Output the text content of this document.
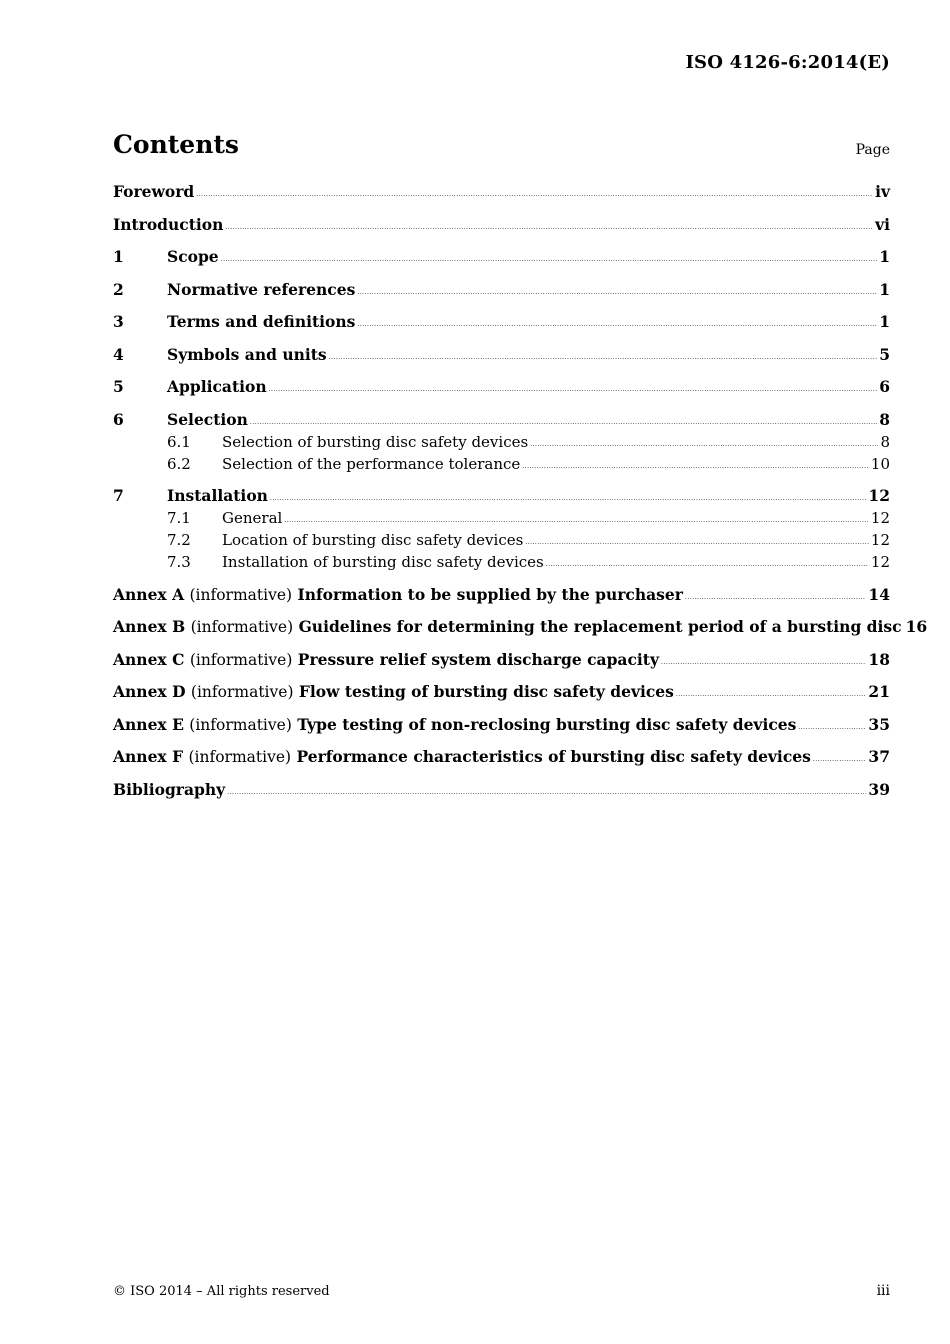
ISO 4126-6:2014(E)
Contents	Page
Foreword .....	iv
Introduction .....	vi
1	Scope .....	1
2	Normative references .....	1
3	Terms and definitions .....	1
4	Symbols and units .....	5
5	Application .....	6
6	Selection .....	8
6.1	Selection of bursting disc safety devices .....	8
6.2	Selection of the performance tolerance .....	10
7	Installation .....	12
7.1	General .....	12
7.2	Location of bursting disc safety devices .....	12
7.3	Installation of bursting disc safety devices .....	12
Annex A (informative) Information to be supplied by the purchaser .....	14
Annex B (informative) Guidelines for determining the replacement period of a bursting disc 16
Annex C (informative) Pressure relief system discharge capacity .....	18
Annex D (informative) Flow testing of bursting disc safety devices .....	21
Annex E (informative) Type testing of non-reclosing bursting disc safety devices .....	35
Annex F (informative) Performance characteristics of bursting disc safety devices .....	37
Bibliography .....	39
© ISO 2014 – All rights reserved	iii
